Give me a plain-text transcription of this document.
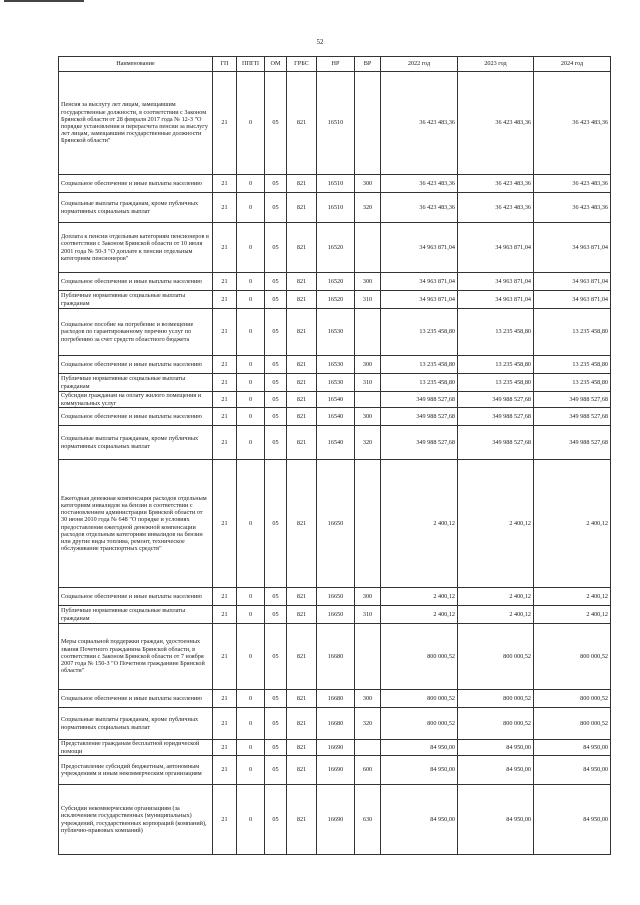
52
Наименование	ГП	ППГП	ОМ	ГРБС	НР	ВР	2022 год	2023 год	2024 год
Пенсия за выслугу лет лицам, замещавшим государственные должности, в соответствии с Законом Брянской области от 28 февраля 2017 года № 12-З "О порядке установления и перерасчета пенсии за выслугу лет лицам, замещавшим государственные должности Брянской области"	21	0	05	821	16510		36 423 483,36	36 423 483,36	36 423 483,36
Социальное обеспечение и иные выплаты населению	21	0	05	821	16510	300	36 423 483,36	36 423 483,36	36 423 483,36
Социальные выплаты гражданам, кроме публичных нормативных социальных выплат	21	0	05	821	16510	320	36 423 483,36	36 423 483,36	36 423 483,36
Доплата к пенсии отдельным категориям пенсионеров в соответствии с Законом Брянской области от 10 июля 2001 года № 50-З "О доплате к пенсии отдельным категориям пенсионеров"	21	0	05	821	16520		34 963 871,04	34 963 871,04	34 963 871,04
Социальное обеспечение и иные выплаты населению	21	0	05	821	16520	300	34 963 871,04	34 963 871,04	34 963 871,04
Публичные нормативные социальные выплаты гражданам	21	0	05	821	16520	310	34 963 871,04	34 963 871,04	34 963 871,04
Социальное пособие на погребение и возмещение расходов по гарантированному перечню услуг по погребению за счет средств областного бюджета	21	0	05	821	16530		13 235 458,80	13 235 458,80	13 235 458,80
Социальное обеспечение и иные выплаты населению	21	0	05	821	16530	300	13 235 458,80	13 235 458,80	13 235 458,80
Публичные нормативные социальные выплаты гражданам	21	0	05	821	16530	310	13 235 458,80	13 235 458,80	13 235 458,80
Субсидии гражданам на оплату жилого помещения и коммунальных услуг	21	0	05	821	16540		349 988 527,68	349 988 527,68	349 988 527,68
Социальное обеспечение и иные выплаты населению	21	0	05	821	16540	300	349 988 527,68	349 988 527,68	349 988 527,68
Социальные выплаты гражданам, кроме публичных нормативных социальных выплат	21	0	05	821	16540	320	349 988 527,68	349 988 527,68	349 988 527,68
Ежегодная денежная компенсация расходов отдельным категориям инвалидов на бензин в соответствии с постановлением администрации Брянской области от 30 июня 2010 года № 648 "О порядке и условиях предоставления ежегодной денежной компенсации расходов отдельным категориям инвалидов на бензин или другие виды топлива, ремонт, техническое обслуживание транспортных средств"	21	0	05	821	16650		2 400,12	2 400,12	2 400,12
Социальное обеспечение и иные выплаты населению	21	0	05	821	16650	300	2 400,12	2 400,12	2 400,12
Публичные нормативные социальные выплаты гражданам	21	0	05	821	16650	310	2 400,12	2 400,12	2 400,12
Меры социальной поддержки граждан, удостоенных звания Почетного гражданина Брянской области, в соответствии с Законом Брянской области от 7 ноября 2007 года № 150-З "О Почетном гражданине Брянской области"	21	0	05	821	16680		800 000,52	800 000,52	800 000,52
Социальное обеспечение и иные выплаты населению	21	0	05	821	16680	300	800 000,52	800 000,52	800 000,52
Социальные выплаты гражданам, кроме публичных нормативных социальных выплат	21	0	05	821	16680	320	800 000,52	800 000,52	800 000,52
Представление гражданам бесплатной юридической помощи	21	0	05	821	16690		84 950,00	84 950,00	84 950,00
Предоставление субсидий бюджетным, автономным учреждениям и иным некоммерческим организациям	21	0	05	821	16690	600	84 950,00	84 950,00	84 950,00
Субсидии некоммерческим организациям (за исключением государственных (муниципальных) учреждений, государственных корпораций (компаний), публично-правовых компаний)	21	0	05	821	16690	630	84 950,00	84 950,00	84 950,00
